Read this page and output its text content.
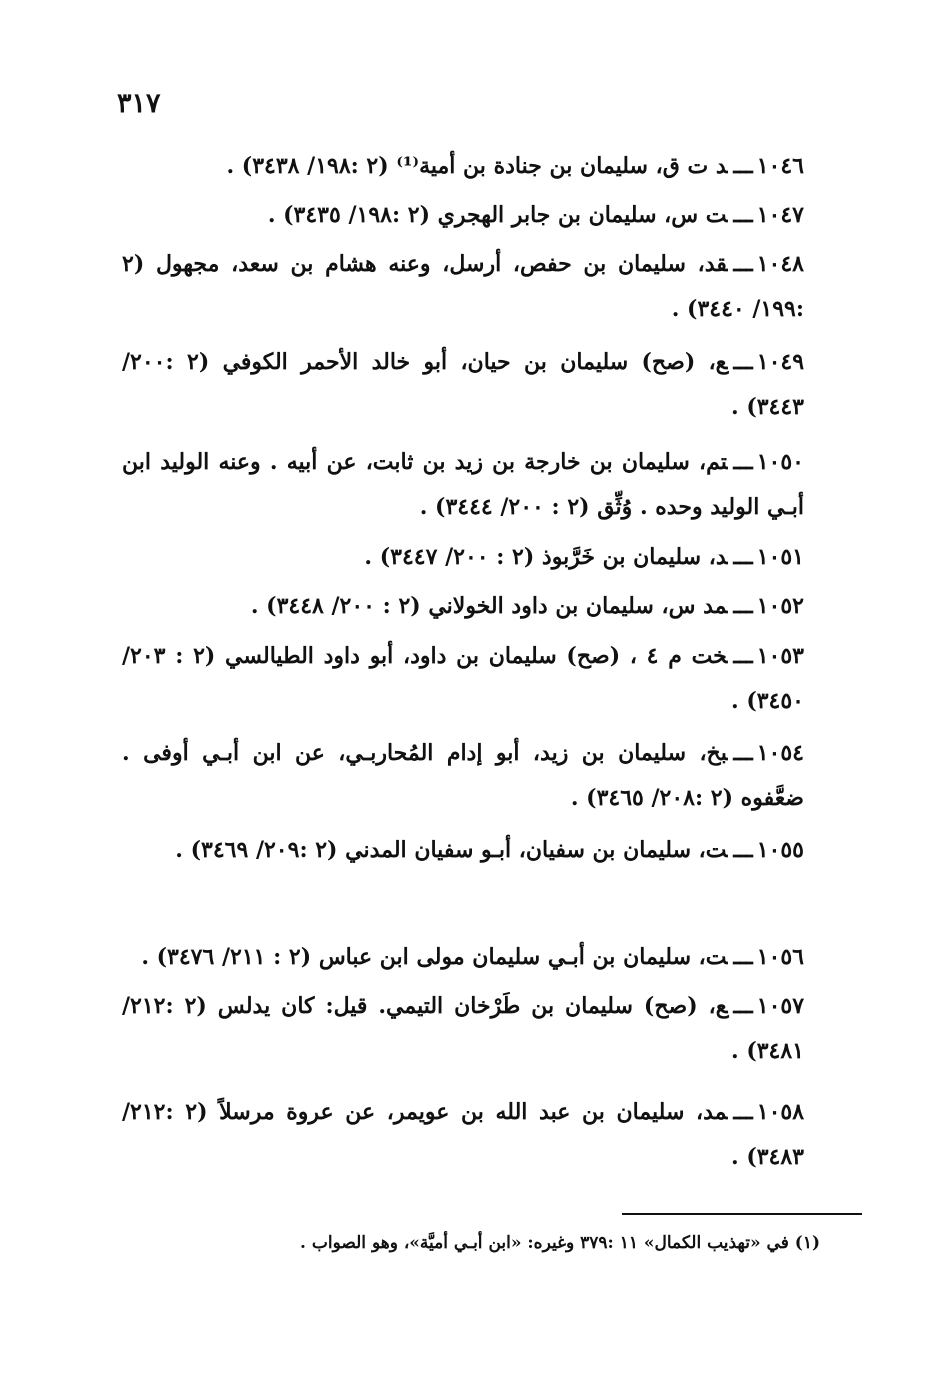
٣١٧

١٠٤٦ـــد ت ق، سليمان بن جنادة بن أمية⁽¹⁾ (٢ :١٩٨/ ٣٤٣٨) .

١٠٤٧ـــت س، سليمان بن جابر الهجري (٢ :١٩٨/ ٣٤٣٥) .

١٠٤٨ـــقد، سليمان بن حفص، أرسل، وعنه هشام بن سعد، مجهول (٢ :١٩٩/ ٣٤٤٠) .

١٠٤٩ـــع، (صح) سليمان بن حيان، أبو خالد الأحمر الكوفي (٢ :٢٠٠/ ٣٤٤٣) .

١٠٥٠ـــتم، سليمان بن خارجة بن زيد بن ثابت، عن أبيه . وعنه الوليد ابن أبـي الوليد وحده . وُثِّق (٢ : ٢٠٠/ ٣٤٤٤) .

١٠٥١ـــد، سليمان بن خَرَّبوذ (٢ : ٢٠٠/ ٣٤٤٧) .

١٠٥٢ـــمد س، سليمان بن داود الخولاني (٢ : ٢٠٠/ ٣٤٤٨) .

١٠٥٣ـــخت م ٤ ، (صح) سليمان بن داود، أبو داود الطيالسي (٢ : ٢٠٣/ ٣٤٥٠) .

١٠٥٤ـــبخ، سليمان بن زيد، أبو إدام المُحاربـي، عن ابن أبـي أوفى . ضعَّفوه (٢ :٢٠٨/ ٣٤٦٥) .

١٠٥٥ـــت، سليمان بن سفيان، أبـو سفيان المدني (٢ :٢٠٩/ ٣٤٦٩) .

١٠٥٦ـــت، سليمان بن أبـي سليمان مولى ابن عباس (٢ : ٢١١/ ٣٤٧٦) .

١٠٥٧ـــع، (صح) سليمان بن طَرْخان التيمي. قيل: كان يدلس (٢ :٢١٢/ ٣٤٨١) .

١٠٥٨ـــمد، سليمان بن عبد الله بن عويمر، عن عروة مرسلاً (٢ :٢١٢/ ٣٤٨٣) .

(١) في «تهذيب الكمال» ١١ :٣٧٩ وغيره: «ابن أبـي أميَّة»، وهو الصواب .
